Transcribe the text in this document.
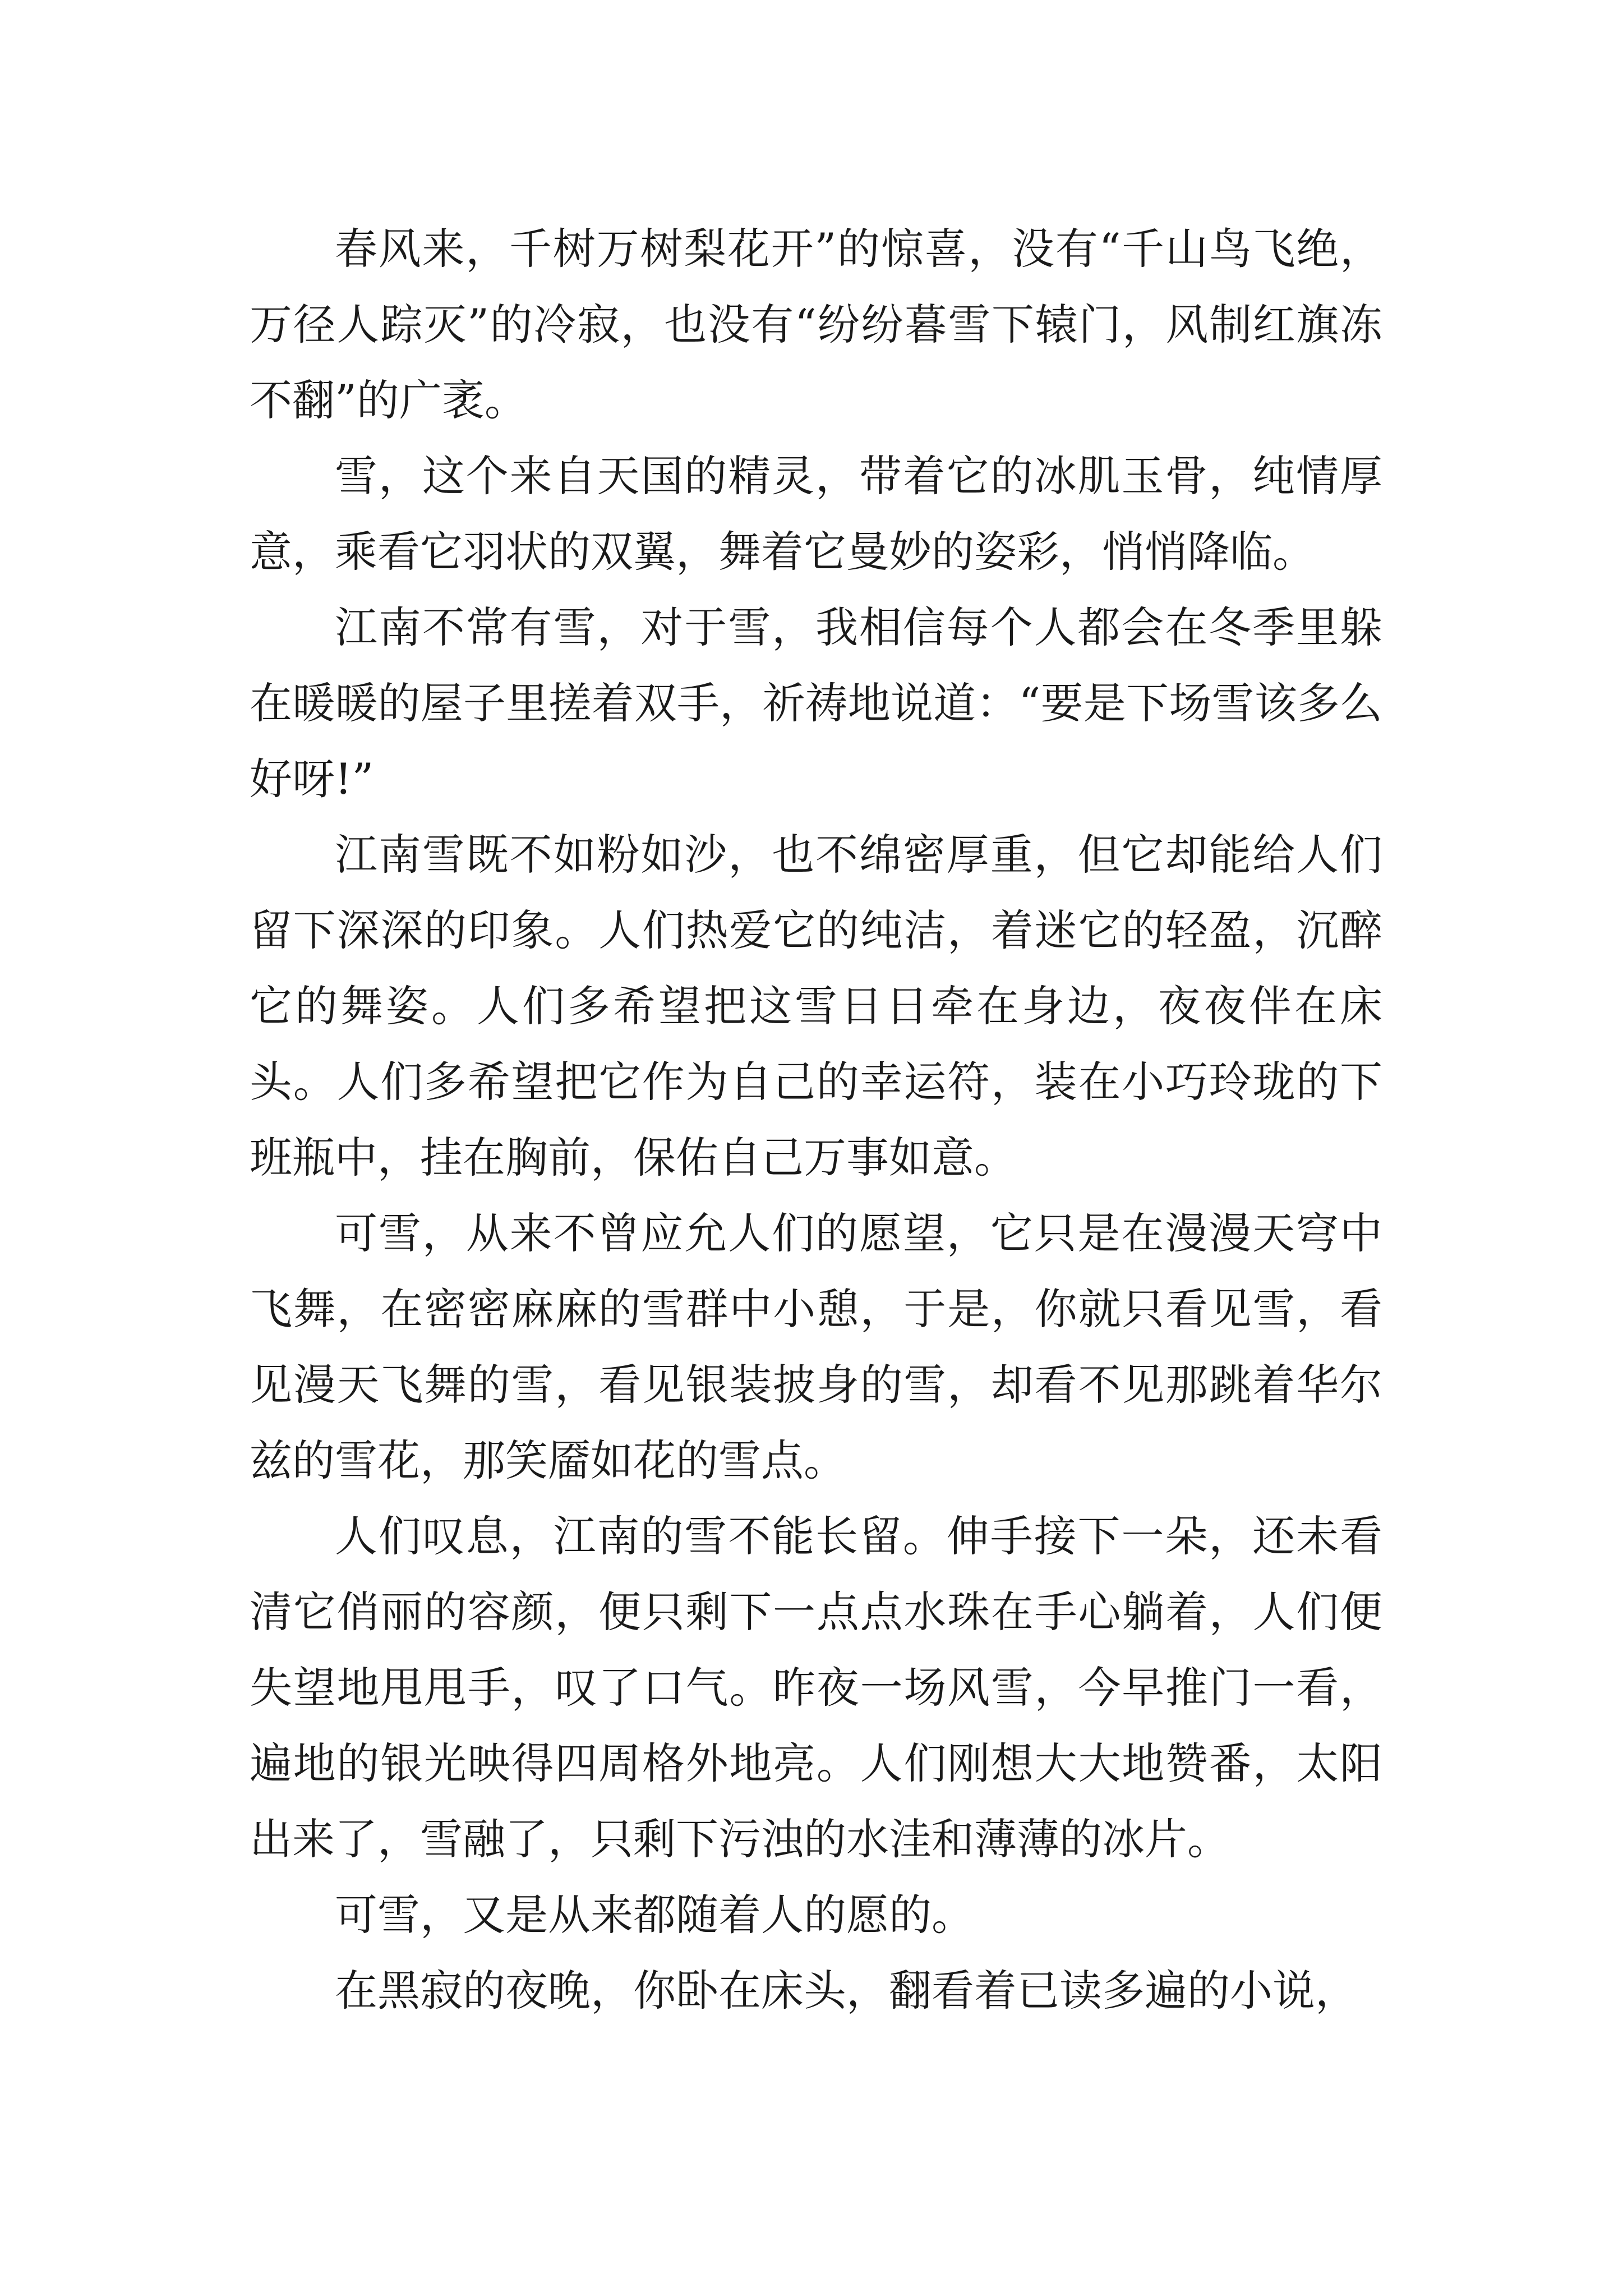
春风来，千树万树梨花开”的惊喜，没有“千山鸟飞绝，万径人踪灭”的冷寂，也没有“纷纷暮雪下辕门，风制红旗冻不翻”的广袤。

雪，这个来自天国的精灵，带着它的冰肌玉骨，纯情厚意，乘看它羽状的双翼，舞着它曼妙的姿彩，悄悄降临。

江南不常有雪，对于雪，我相信每个人都会在冬季里躲在暖暖的屋子里搓着双手，祈祷地说道：“要是下场雪该多么好呀!”

江南雪既不如粉如沙，也不绵密厚重，但它却能给人们留下深深的印象。人们热爱它的纯洁，着迷它的轻盈，沉醉它的舞姿。人们多希望把这雪日日牵在身边，夜夜伴在床头。人们多希望把它作为自己的幸运符，装在小巧玲珑的下班瓶中，挂在胸前，保佑自己万事如意。

可雪，从来不曾应允人们的愿望，它只是在漫漫天穹中飞舞，在密密麻麻的雪群中小憩，于是，你就只看见雪，看见漫天飞舞的雪，看见银装披身的雪，却看不见那跳着华尔兹的雪花，那笑靥如花的雪点。

人们叹息，江南的雪不能长留。伸手接下一朵，还未看清它俏丽的容颜，便只剩下一点点水珠在手心躺着，人们便失望地甩甩手，叹了口气。昨夜一场风雪，今早推门一看，遍地的银光映得四周格外地亮。人们刚想大大地赞番，太阳出来了，雪融了，只剩下污浊的水洼和薄薄的冰片。

可雪，又是从来都随着人的愿的。

在黑寂的夜晚，你卧在床头，翻看着已读多遍的小说，
